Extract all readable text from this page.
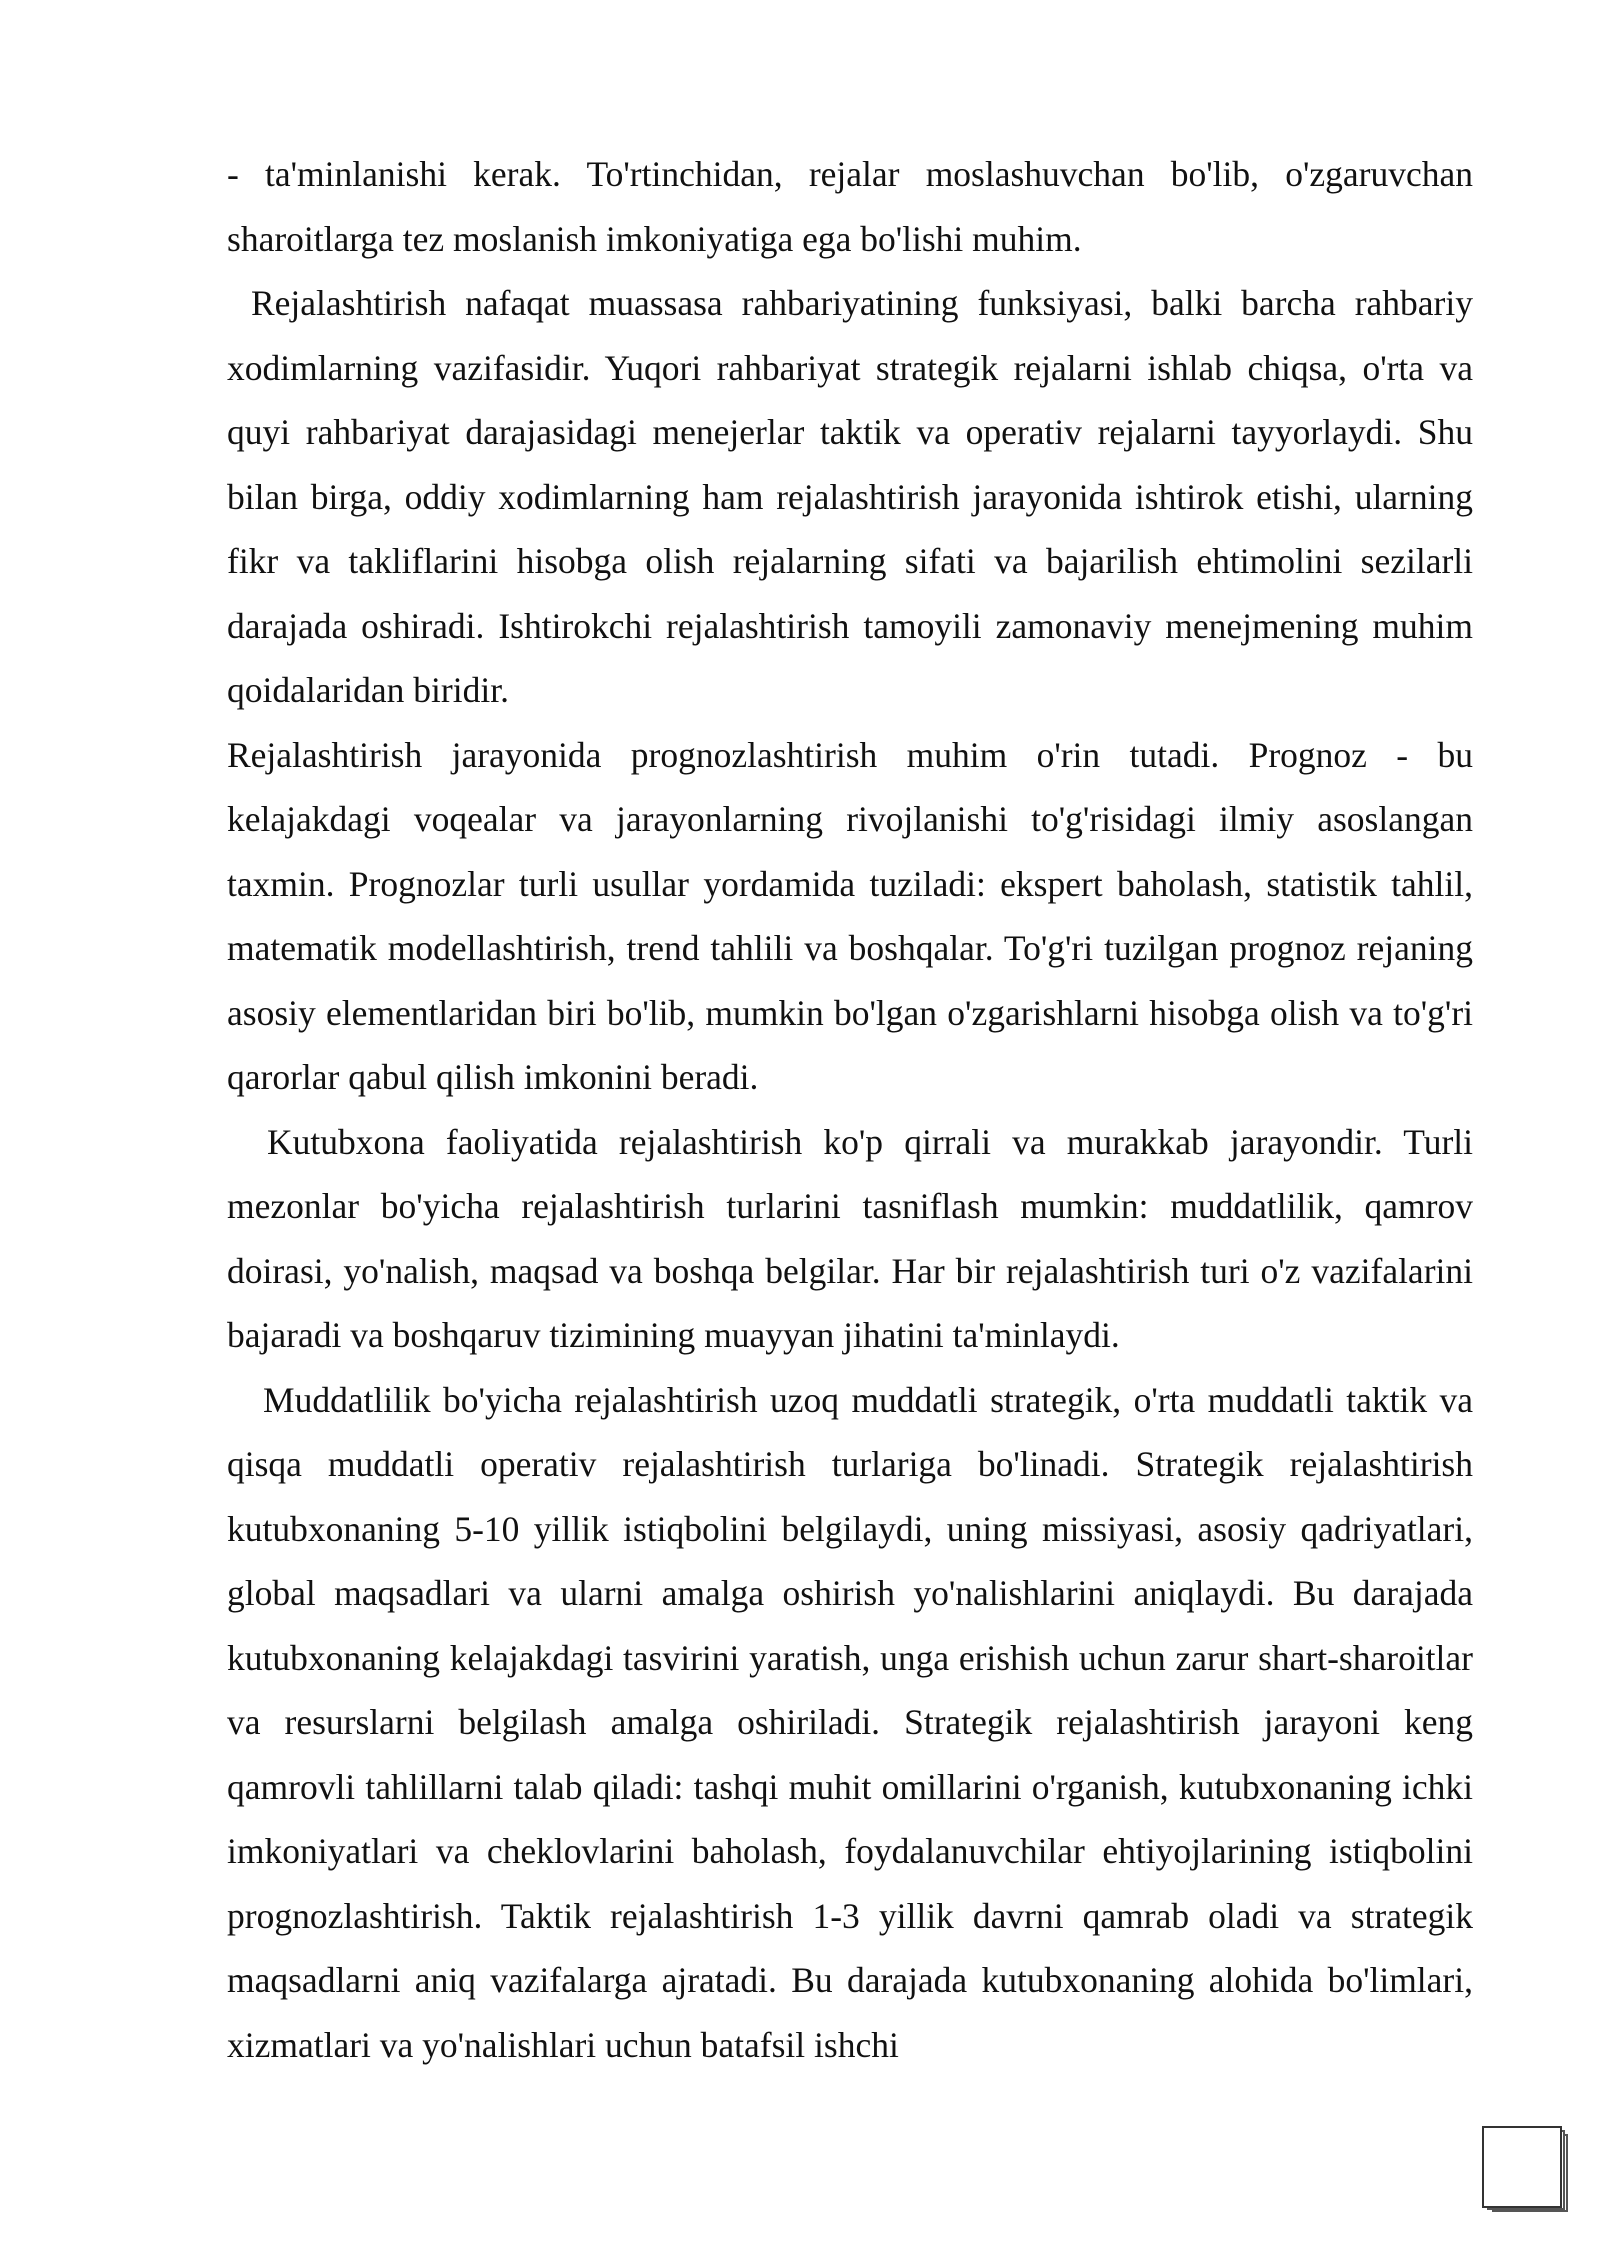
- ta'minlanishi kerak. To'rtinchidan, rejalar moslashuvchan bo'lib, o'zgaruvchan sharoitlarga tez moslanish imkoniyatiga ega bo'lishi muhim.

Rejalashtirish nafaqat muassasa rahbariyatining funksiyasi, balki barcha rahbariy xodimlarning vazifasidir. Yuqori rahbariyat strategik rejalarni ishlab chiqsa, o'rta va quyi rahbariyat darajasidagi menejerlar taktik va operativ rejalarni tayyorlaydi. Shu bilan birga, oddiy xodimlarning ham rejalashtirish jarayonida ishtirok etishi, ularning fikr va takliflarini hisobga olish rejalarning sifati va bajarilish ehtimolini sezilarli darajada oshiradi. Ishtirokchi rejalashtirish tamoyili zamonaviy menejmening muhim qoidalaridan biridir.

Rejalashtirish jarayonida prognozlashtirish muhim o'rin tutadi. Prognoz - bu kelajakdagi voqealar va jarayonlarning rivojlanishi to'g'risidagi ilmiy asoslangan taxmin. Prognozlar turli usullar yordamida tuziladi: ekspert baholash, statistik tahlil, matematik modellashtirish, trend tahlili va boshqalar. To'g'ri tuzilgan prognoz rejaning asosiy elementlaridan biri bo'lib, mumkin bo'lgan o'zgarishlarni hisobga olish va to'g'ri qarorlar qabul qilish imkonini beradi.

Kutubxona faoliyatida rejalashtirish ko'p qirrali va murakkab jarayondir. Turli mezonlar bo'yicha rejalashtirish turlarini tasniflash mumkin: muddatlilik, qamrov doirasi, yo'nalish, maqsad va boshqa belgilar. Har bir rejalashtirish turi o'z vazifalarini bajaradi va boshqaruv tizimining muayyan jihatini ta'minlaydi.

Muddatlilik bo'yicha rejalashtirish uzoq muddatli strategik, o'rta muddatli taktik va qisqa muddatli operativ rejalashtirish turlariga bo'linadi. Strategik rejalashtirish kutubxonaning 5-10 yillik istiqbolini belgilaydi, uning missiyasi, asosiy qadriyatlari, global maqsadlari va ularni amalga oshirish yo'nalishlarini aniqlaydi. Bu darajada kutubxonaning kelajakdagi tasvirini yaratish, unga erishish uchun zarur shart-sharoitlar va resurslarni belgilash amalga oshiriladi. Strategik rejalashtirish jarayoni keng qamrovli tahlillarni talab qiladi: tashqi muhit omillarini o'rganish, kutubxonaning ichki imkoniyatlari va cheklovlarini baholash, foydalanuvchilar ehtiyojlarining istiqbolini prognozlashtirish. Taktik rejalashtirish 1-3 yillik davrni qamrab oladi va strategik maqsadlarni aniq vazifalarga ajratadi. Bu darajada kutubxonaning alohida bo'limlari, xizmatlari va yo'nalishlari uchun batafsil ishchi
